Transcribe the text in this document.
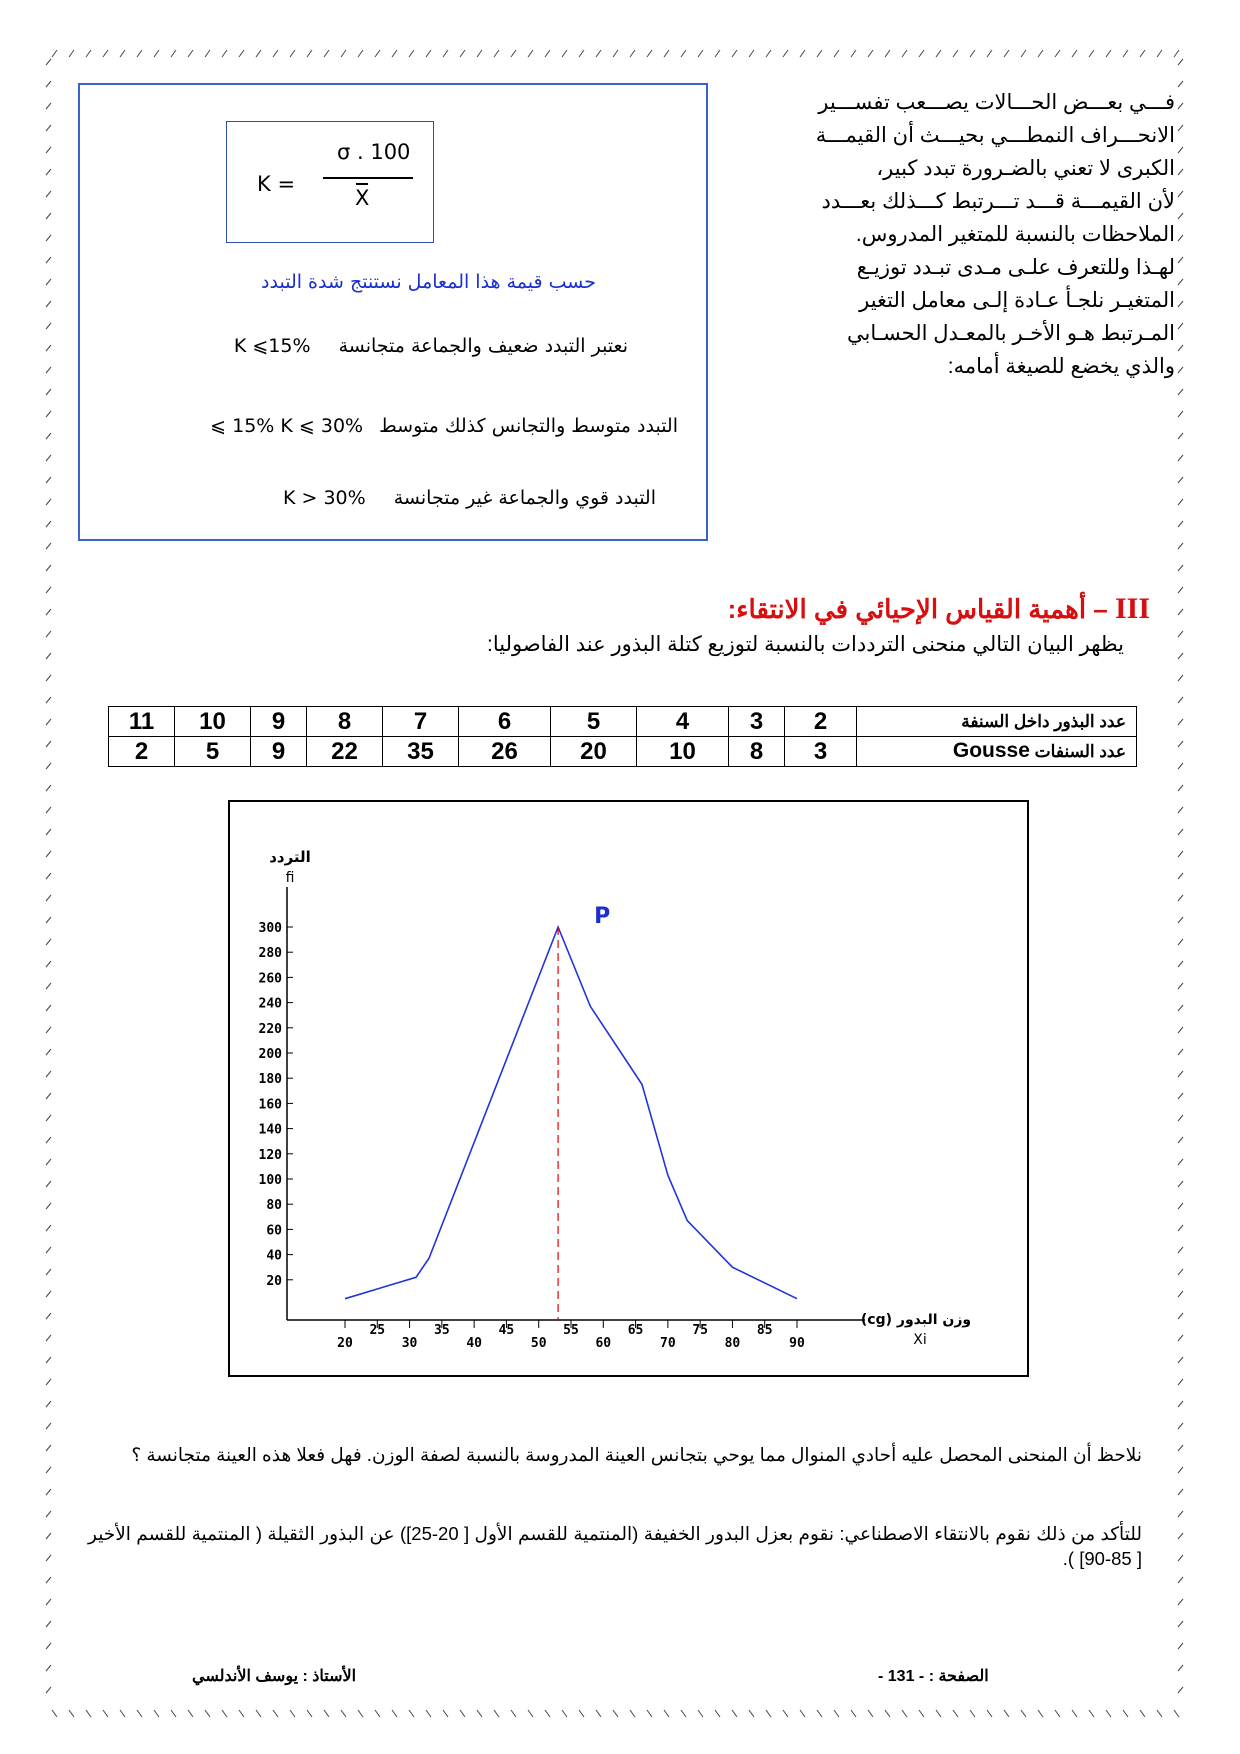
فـــي بعـــض الحـــالات يصـــعب تفســـير
الانحـــراف النمطـــي بحيـــث أن القيمـــة
الكبرى لا تعني بالضـرورة تبدد كبير،
لأن القيمـــة قـــد تـــرتبط كـــذلك بعـــدد
الملاحظات بالنسبة للمتغير المدروس.
لهـذا وللتعرف علـى مـدى تبـدد توزيـع
المتغيـر نلجـأ عـادة إلـى معامل التغير
المـرتبط هـو الأخـر بالمعـدل الحسـابي
والذي يخضع للصيغة أمامه:
K =
σ . 100
X
حسب قيمة هذا المعامل نستنتج شدة التبدد
نعتبر التبدد ضعيف والجماعة متجانسة K ⩽15%
التبدد متوسط والتجانس كذلك متوسط ⩽ 15% K ⩽ 30%
التبدد قوي والجماعة غير متجانسة K > 30%
III – أهمية القياس الإحيائي في الانتقاء:
يظهر البيان التالي منحنى الترددات بالنسبة لتوزيع كتلة البذور عند الفاصوليا:
11	10	9	8	7	6	5	4	3	2	عدد البذور داخل السنفة
2	5	9	22	35	26	20	10	8	3	عدد السنفات Gousse
20
40
60
80
100
120
140
160
180
200
220
240
260
280
300
20
25
30
35
40
45
50
55
60
65
70
75
80
85
90
P
التردد
fi
وزن البدور (cg)
Xi
نلاحظ أن المنحنى المحصل عليه أحادي المنوال مما يوحي بتجانس العينة المدروسة بالنسبة لصفة الوزن. فهل فعلا هذه العينة متجانسة ؟
للتأكد من ذلك نقوم بالانتقاء الاصطناعي: نقوم بعزل البدور الخفيفة (المنتمية للقسم الأول [ 20-25]) عن البذور الثقيلة ( المنتمية للقسم الأخير [ 85-90] ).
الصفحة : - 131 -
الأستاذ : يوسف الأندلسي
